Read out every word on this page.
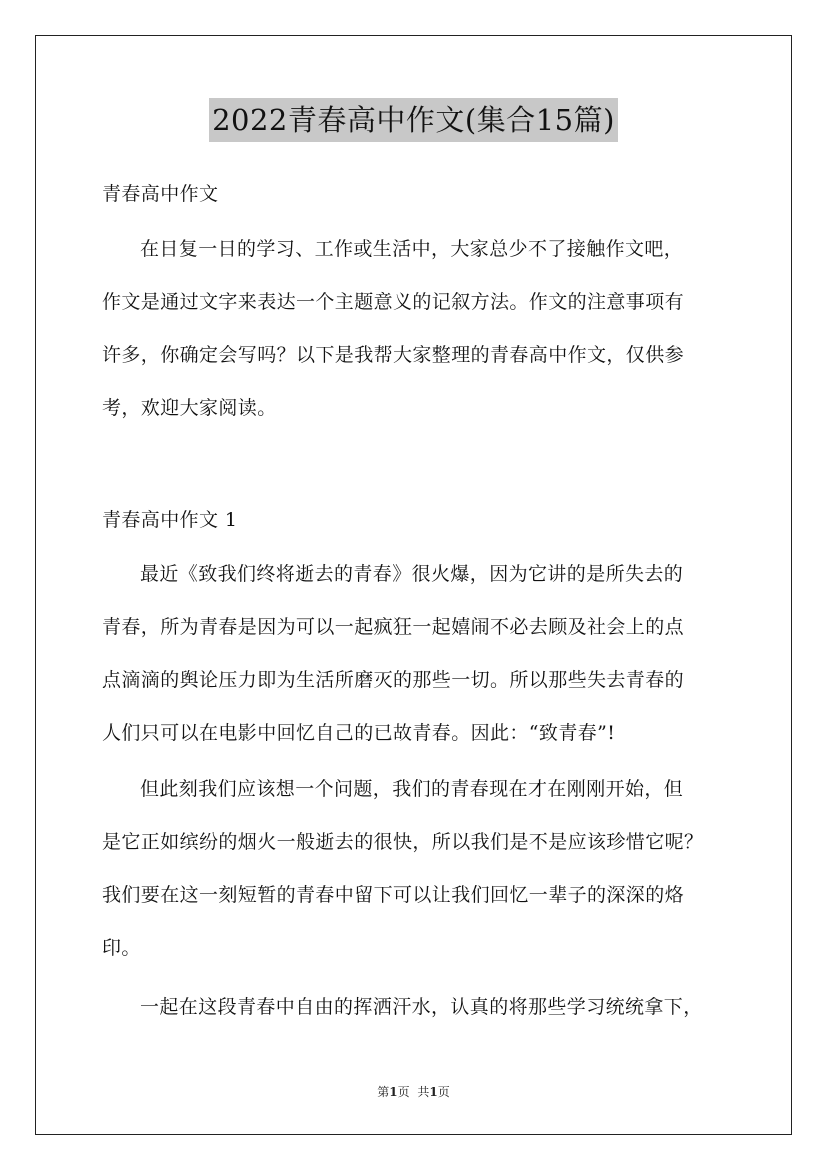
2022青春高中作文(集合15篇)
青春高中作文
在日复一日的学习、工作或生活中，大家总少不了接触作文吧，
作文是通过文字来表达一个主题意义的记叙方法。作文的注意事项有
许多，你确定会写吗？以下是我帮大家整理的青春高中作文，仅供参
考，欢迎大家阅读。
青春高中作文 1
最近《致我们终将逝去的青春》很火爆，因为它讲的是所失去的
青春，所为青春是因为可以一起疯狂一起嬉闹不必去顾及社会上的点
点滴滴的舆论压力即为生活所磨灭的那些一切。所以那些失去青春的
人们只可以在电影中回忆自己的已故青春。因此：“致青春”!
但此刻我们应该想一个问题，我们的青春现在才在刚刚开始，但
是它正如缤纷的烟火一般逝去的很快，所以我们是不是应该珍惜它呢？
我们要在这一刻短暂的青春中留下可以让我们回忆一辈子的深深的烙
印。
一起在这段青春中自由的挥洒汗水，认真的将那些学习统统拿下，
第1页 共1页
